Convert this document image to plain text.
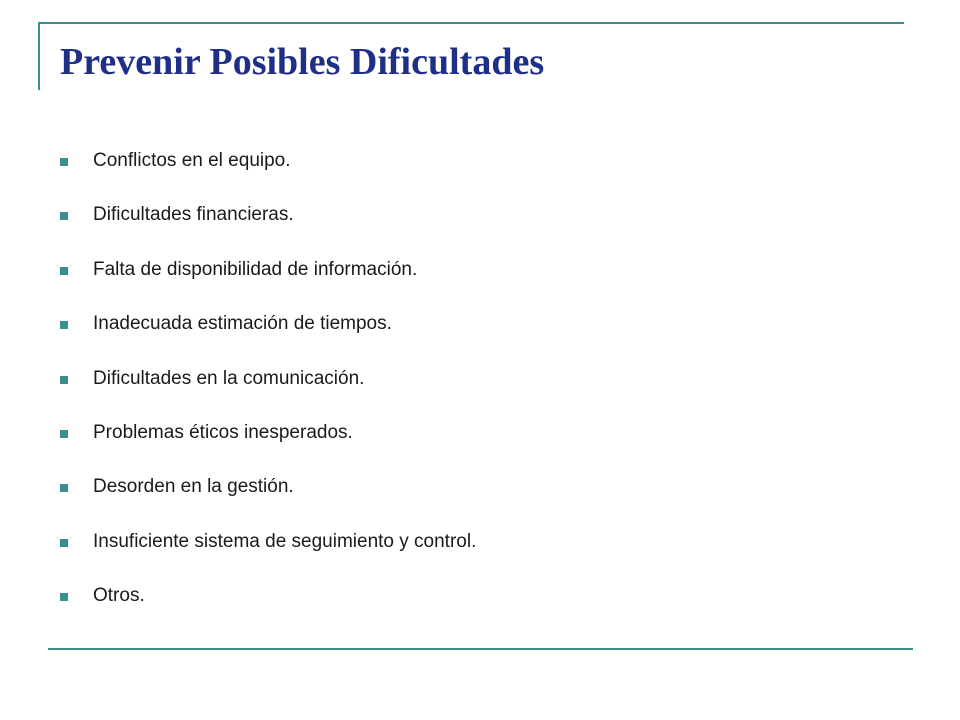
Prevenir Posibles Dificultades
Conflictos en el equipo.
Dificultades financieras.
Falta de disponibilidad de información.
Inadecuada estimación de tiempos.
Dificultades en la comunicación.
Problemas éticos inesperados.
Desorden en la gestión.
Insuficiente sistema de seguimiento y control.
Otros.
